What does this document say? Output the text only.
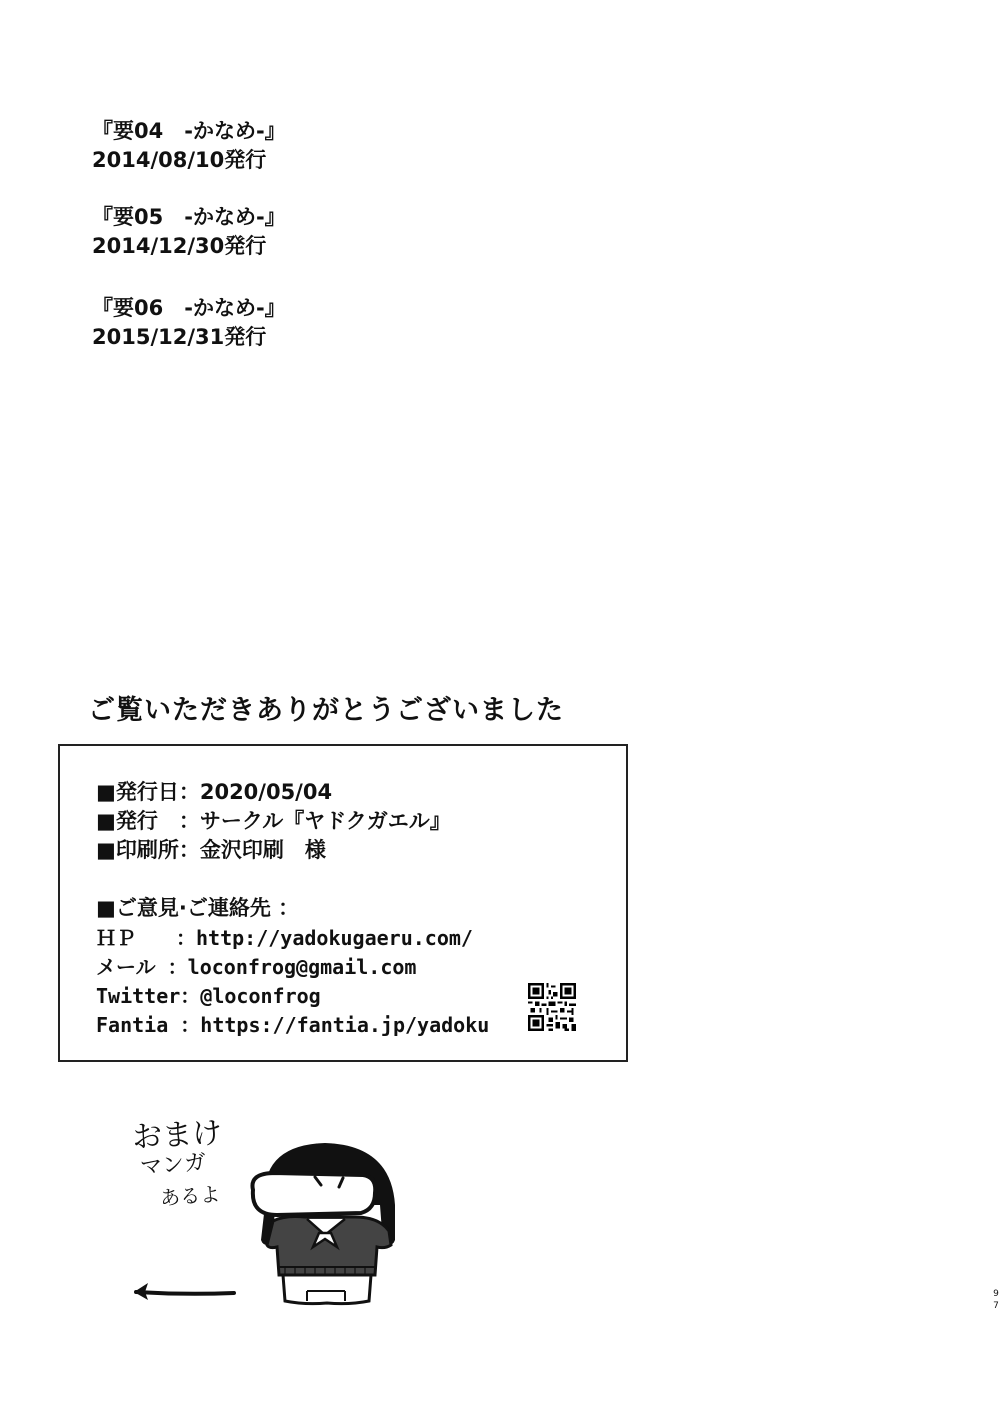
『要04　-かなめ-』
2014/08/10発行
『要05　-かなめ-』
2014/12/30発行
『要06　-かなめ-』
2015/12/31発行
ご覧いただきありがとうございました
■発行日：2020/05/04
■発行　：サークル『ヤドクガエル』
■印刷所：金沢印刷　様
■ご意見·ご連絡先 ：
ＨＰ　　：http://yadokugaeru.com/
メール ：loconfrog@gmail.com
Twitter：@loconfrog
Fantia ：https://fantia.jp/yadoku
おまけ
マンガ
あるよ
9
7
